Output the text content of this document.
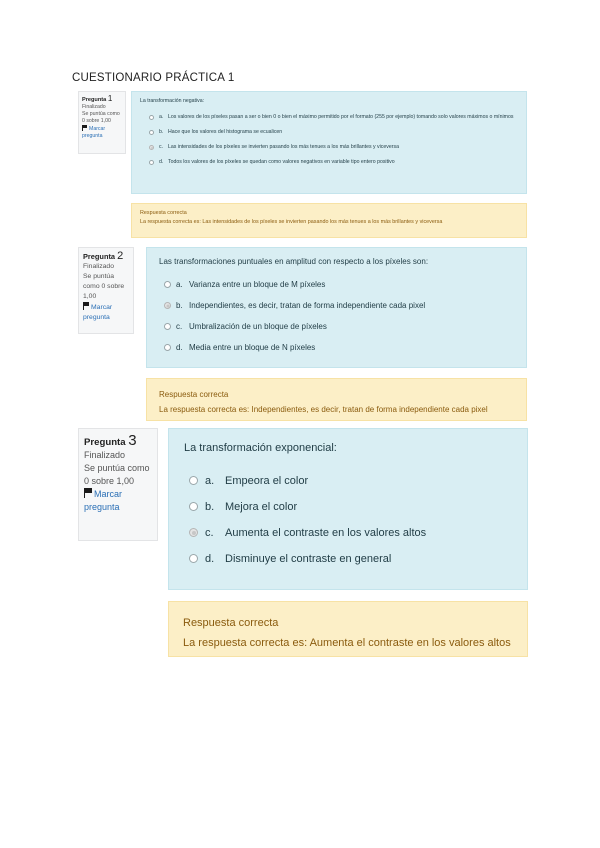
CUESTIONARIO PRÁCTICA 1
Pregunta 1
Finalizado
Se puntúa como 0 sobre 1,00
Marcar pregunta
La transformación negativa:
a. Los valores de los píxeles pasan a ser o bien 0 o bien el máximo permitido por el formato (255 por ejemplo) tomando solo valores máximos o mínimos
b. Hace que los valores del histograma se ecualicen
c. Las intensidades de los píxeles se invierten pasando los más tenues a los más brillantes y viceversa
d. Todos los valores de los píxeles se quedan como valores negativos en variable tipo entero positivo
Respuesta correcta
La respuesta correcta es: Las intensidades de los píxeles se invierten pasando los más tenues a los más brillantes y viceversa
Pregunta 2
Finalizado
Se puntúa como 0 sobre 1,00
Marcar pregunta
Las transformaciones puntuales en amplitud con respecto a los píxeles son:
a. Varianza entre un bloque de M píxeles
b. Independientes, es decir, tratan de forma independiente cada pixel
c. Umbralización de un bloque de píxeles
d. Media entre un bloque de N píxeles
Respuesta correcta
La respuesta correcta es: Independientes, es decir, tratan de forma independiente cada pixel
Pregunta 3
Finalizado
Se puntúa como 0 sobre 1,00
Marcar pregunta
La transformación exponencial:
a. Empeora el color
b. Mejora el color
c.	Aumenta el contraste en los valores altos
d. Disminuye el contraste en general
Respuesta correcta
La respuesta correcta es: Aumenta el contraste en los valores altos
